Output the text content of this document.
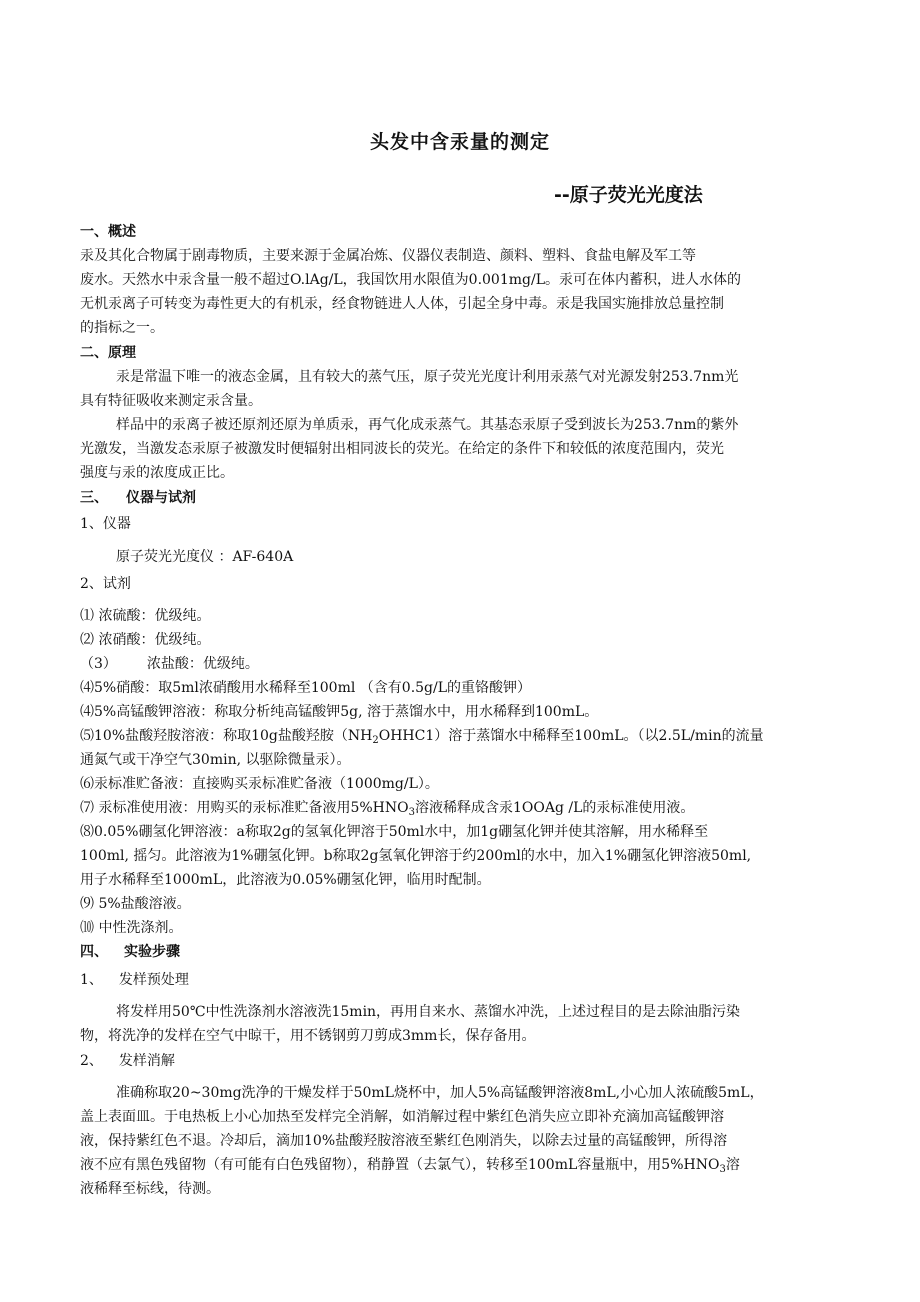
头发中含汞量的测定
--原子荧光光度法
一、概述
汞及其化合物属于剧毒物质，主要来源于金属冶炼、仪器仪表制造、颜料、塑料、食盐电解及军工等
废水。天然水中汞含量一般不超过O.lAg/L，我国饮用水限值为0.001mg/L。汞可在体内蓄积，进人水体的
无机汞离子可转变为毒性更大的有机汞，经食物链进人人体，引起全身中毒。汞是我国实施排放总量控制
的指标之一。
二、原理
汞是常温下唯一的液态金属，且有较大的蒸气压，原子荧光光度计利用汞蒸气对光源发射253.7nm光
具有特征吸收来测定汞含量。
样品中的汞离子被还原剂还原为单质汞，再气化成汞蒸气。其基态汞原子受到波长为253.7nm的紫外
光激发，当激发态汞原子被激发时便辐射出相同波长的荧光。在给定的条件下和较低的浓度范围内，荧光
强度与汞的浓度成正比。
三、 仪器与试剂
1、仪器
原子荧光光度仪 ：AF-640A
2、试剂
⑴ 浓硫酸：优级纯。
⑵ 浓硝酸：优级纯。
（3） 浓盐酸：优级纯。
⑷5%硝酸：取5ml浓硝酸用水稀释至100ml （含有0.5g/L的重铬酸钾）
⑷5%高锰酸钾溶液：称取分析纯高锰酸钾5g, 溶于蒸馏水中，用水稀释到100mL。
⑸10%盐酸羟胺溶液：称取10g盐酸羟胺$(NH_2OHHC1)$溶于蒸馏水中稀释至100mL。（以2.5L/min的流量
通氮气或干净空气30min, 以驱除微量汞）。
⑹汞标准贮备液：直接购买汞标准贮备液（1000mg/L）。
⑺ 汞标准使用液：用购买的汞标准贮备液用$5\%HNO_3$溶液稀释成含汞1OOAg /L的汞标准使用液。
⑻0.05%硼氢化钾溶液：a称取2g的氢氧化钾溶于50ml水中，加1g硼氢化钾并使其溶解，用水稀释至
100ml, 摇匀。此溶液为1%硼氢化钾。b称取2g氢氧化钾溶于约200ml的水中，加入1%硼氢化钾溶液50ml,
用子水稀释至1000mL，此溶液为0.05%硼氢化钾，临用时配制。
⑼ 5%盐酸溶液。
⑽ 中性洗涤剂。
四、 实验步骤
1、 发样预处理
将发样用50℃中性洗涤剂水溶液洗15min，再用自来水、蒸馏水冲洗，上述过程目的是去除油脂污染
物，将洗净的发样在空气中晾干，用不锈钢剪刀剪成3mm长，保存备用。
2、 发样消解
准确称取20~30mg洗净的干燥发样于50mL烧杯中，加人5%高锰酸钾溶液8mL,小心加人浓硫酸5mL，
盖上表面皿。于电热板上小心加热至发样完全消解，如消解过程中紫红色消失应立即补充滴加高锰酸钾溶
液，保持紫红色不退。冷却后，滴加10%盐酸羟胺溶液至紫红色刚消失，以除去过量的高锰酸钾，所得溶
液不应有黑色残留物（有可能有白色残留物），稍静置（去氯气），转移至100mL容量瓶中，用$5\%HNO_3$溶
液稀释至标线，待测。
